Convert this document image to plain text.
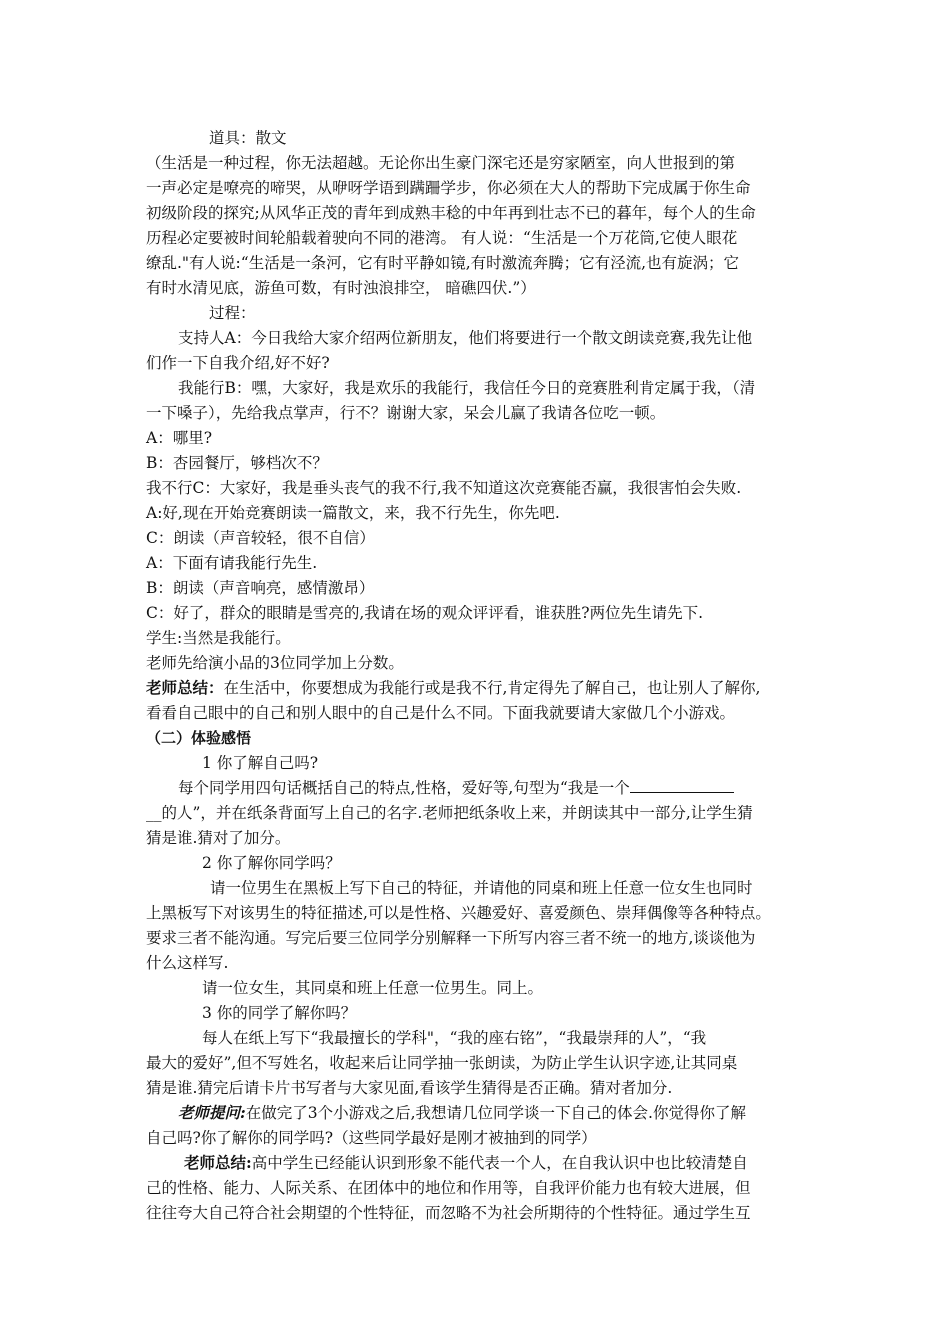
道具：散文
（生活是一种过程，你无法超越。无论你出生豪门深宅还是穷家陋室，向人世报到的第
一声必定是嘹亮的啼哭，从咿呀学语到蹒跚学步，你必须在大人的帮助下完成属于你生命
初级阶段的探究;从风华正茂的青年到成熟丰稔的中年再到壮志不已的暮年，每个人的生命
历程必定要被时间轮船载着驶向不同的港湾。 有人说：“生活是一个万花筒,它使人眼花
缭乱."有人说:“生活是一条河，它有时平静如镜,有时激流奔腾；它有泾流,也有旋涡；它
有时水清见底，游鱼可数，有时浊浪排空， 暗礁四伏.”）
过程：
支持人A：今日我给大家介绍两位新朋友，他们将要进行一个散文朗读竞赛,我先让他
们作一下自我介绍,好不好?
我能行B：嘿，大家好，我是欢乐的我能行，我信任今日的竞赛胜利肯定属于我，（清
一下嗓子），先给我点掌声，行不？谢谢大家，呆会儿赢了我请各位吃一顿。
A：哪里?
B：杏园餐厅，够档次不？
我不行C：大家好，我是垂头丧气的我不行,我不知道这次竞赛能否赢，我很害怕会失败.
A:好,现在开始竞赛朗读一篇散文，来，我不行先生，你先吧.
C：朗读（声音较轻，很不自信）
A：下面有请我能行先生.
B：朗读（声音响亮，感情激昂）
C：好了，群众的眼睛是雪亮的,我请在场的观众评评看，谁获胜?两位先生请先下.
学生:当然是我能行。
老师先给演小品的3位同学加上分数。
老师总结：在生活中，你要想成为我能行或是我不行,肯定得先了解自己，也让别人了解你,
看看自己眼中的自己和别人眼中的自己是什么不同。下面我就要请大家做几个小游戏。
（二）体验感悟
1 你了解自己吗?
每个同学用四句话概括自己的特点,性格，爱好等,句型为“我是一个
__的人”，并在纸条背面写上自己的名字.老师把纸条收上来，并朗读其中一部分,让学生猜
猜是谁.猜对了加分。
2 你了解你同学吗？
请一位男生在黑板上写下自己的特征，并请他的同桌和班上任意一位女生也同时
上黑板写下对该男生的特征描述,可以是性格、兴趣爱好、喜爱颜色、崇拜偶像等各种特点。
要求三者不能沟通。写完后要三位同学分别解释一下所写内容三者不统一的地方,谈谈他为
什么这样写.
请一位女生，其同桌和班上任意一位男生。同上。
3 你的同学了解你吗？
每人在纸上写下“我最擅长的学科"，“我的座右铭”，“我最崇拜的人”，“我
最大的爱好”,但不写姓名，收起来后让同学抽一张朗读，为防止学生认识字迹,让其同桌
猜是谁.猜完后请卡片书写者与大家见面,看该学生猜得是否正确。猜对者加分.
老师提问:在做完了3个小游戏之后,我想请几位同学谈一下自己的体会.你觉得你了解
自己吗?你了解你的同学吗?（这些同学最好是刚才被抽到的同学）
老师总结:高中学生已经能认识到形象不能代表一个人，在自我认识中也比较清楚自
己的性格、能力、人际关系、在团体中的地位和作用等，自我评价能力也有较大进展，但
往往夸大自己符合社会期望的个性特征，而忽略不为社会所期待的个性特征。通过学生互
